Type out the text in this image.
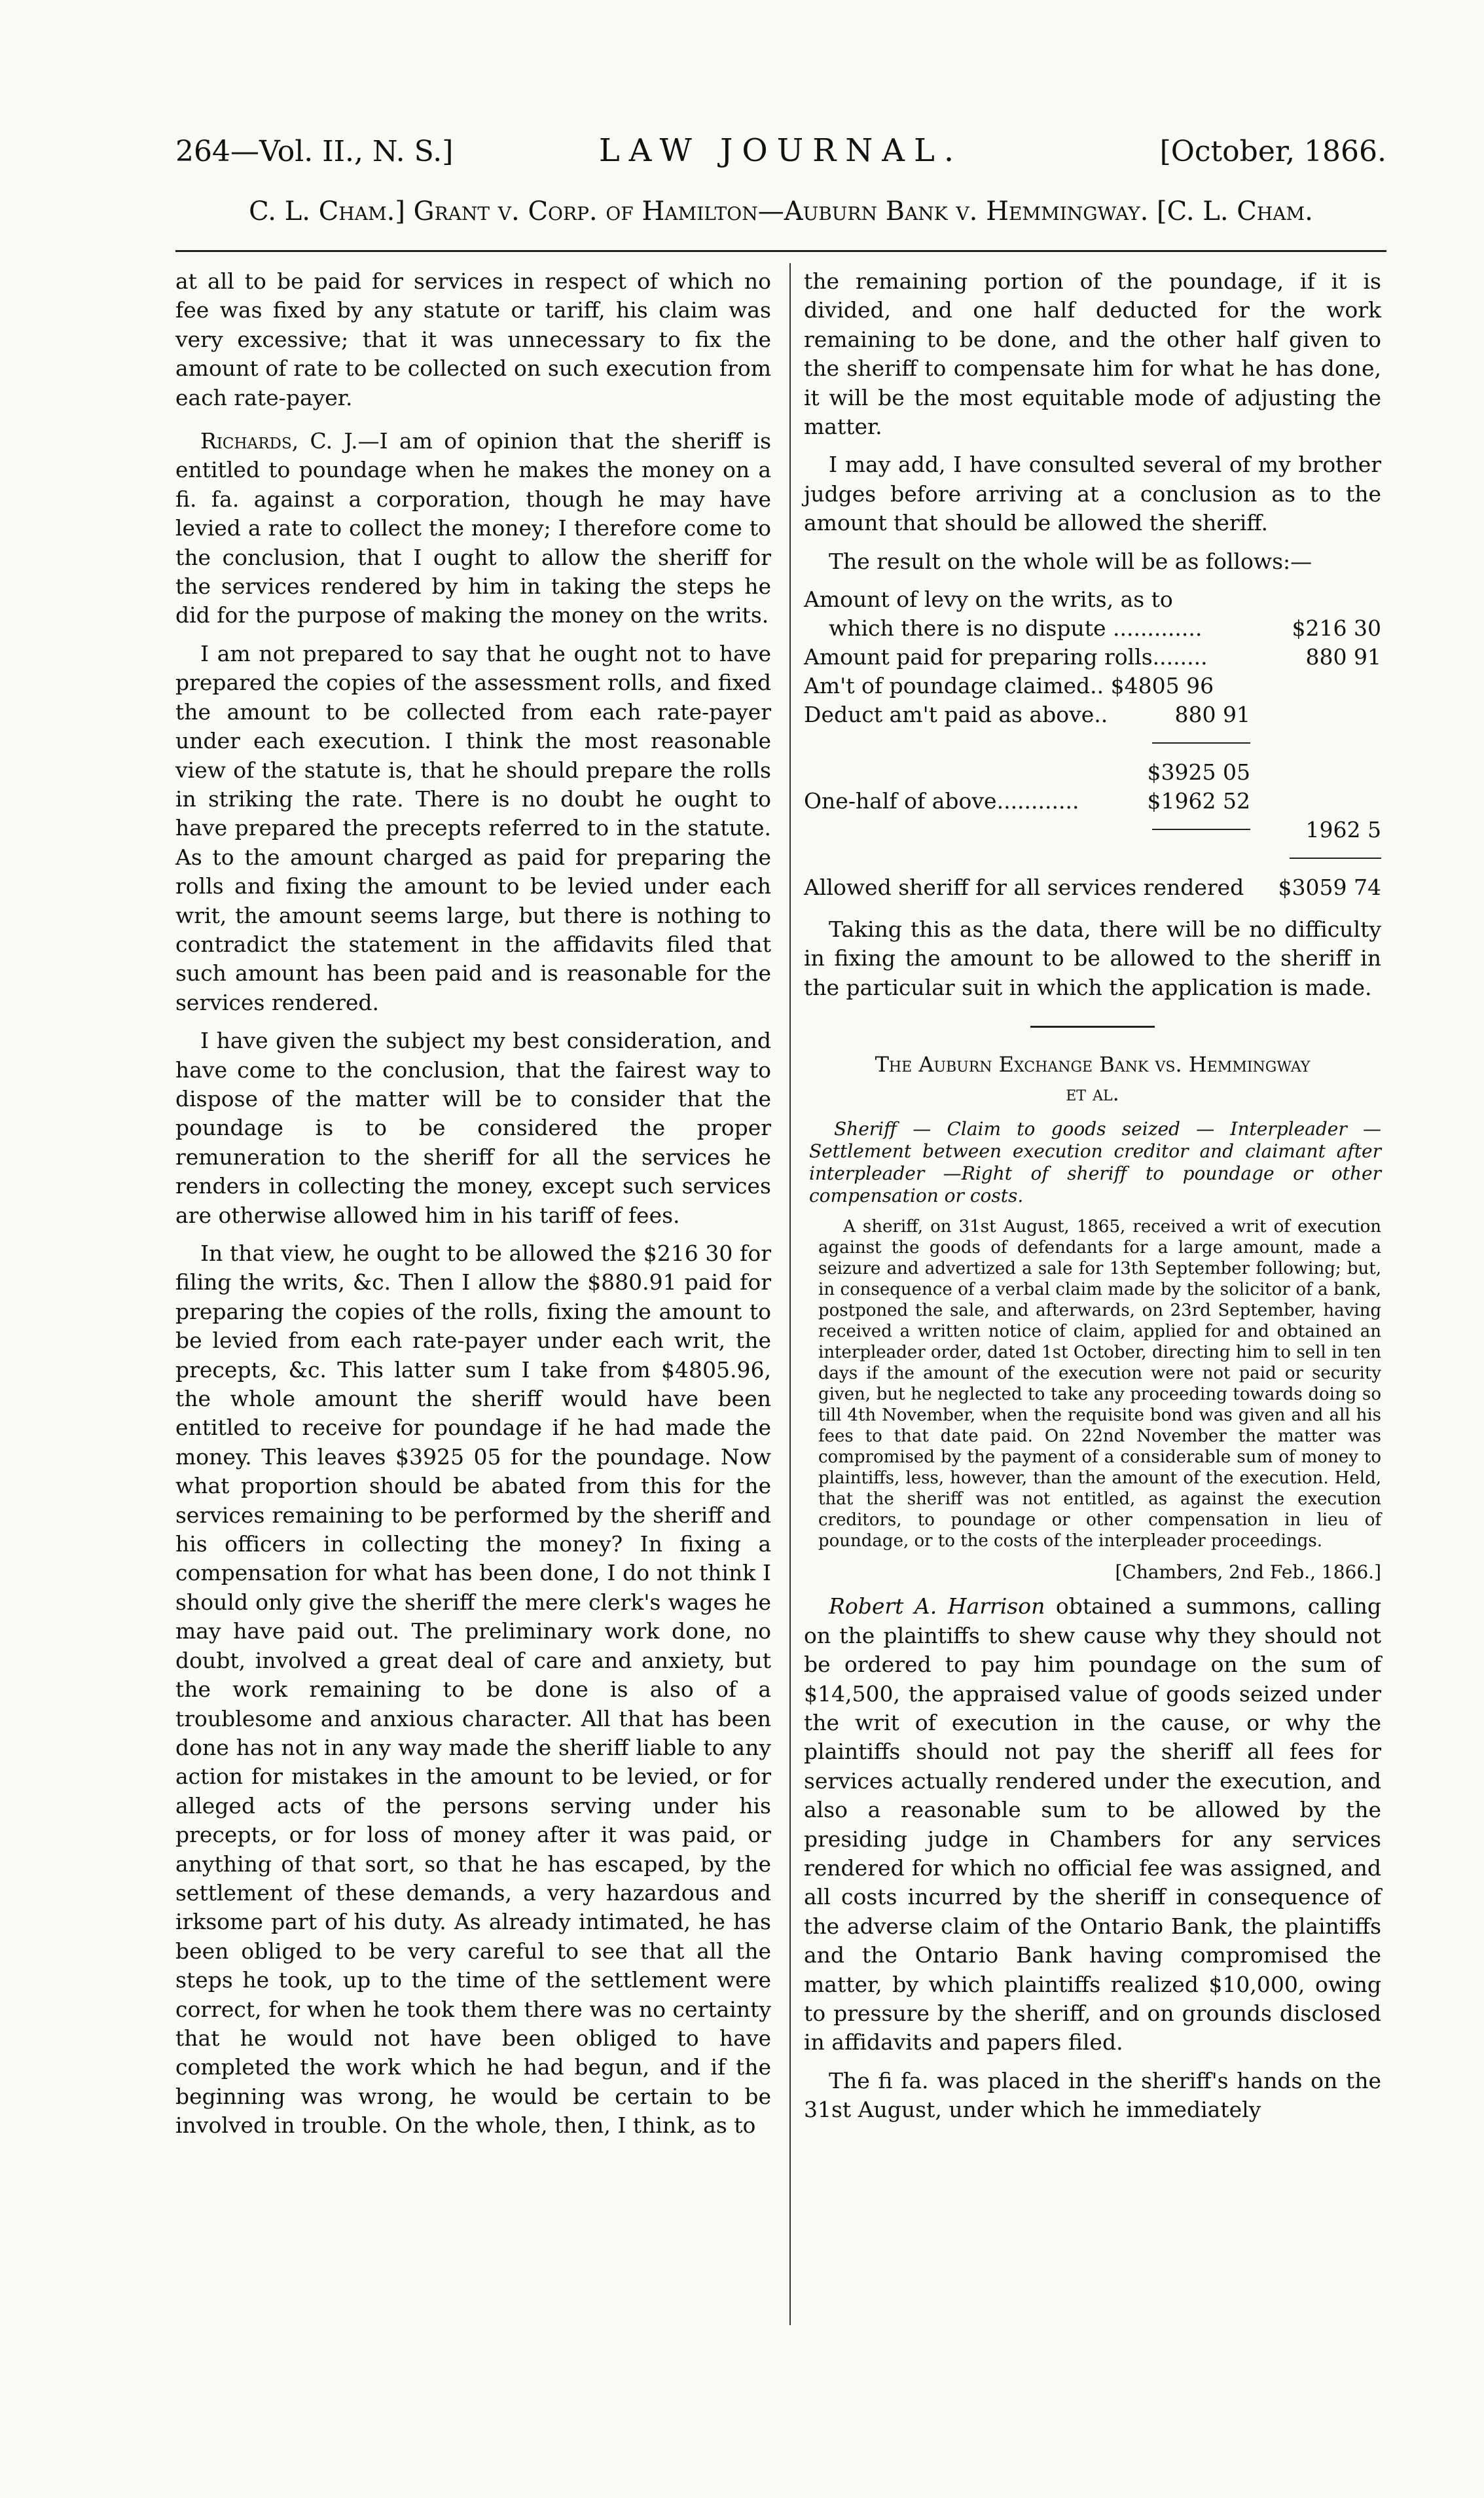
264—Vol. II., N. S.]	LAW JOURNAL.	[October, 1866.
C. L. Cham.] Grant v. Corp. of Hamilton—Auburn Bank v. Hemmingway. [C. L. Cham.

at all to be paid for services in respect of which no fee was fixed by any statute or tariff, his claim was very excessive; that it was unnecessary to fix the amount of rate to be collected on such execution from each rate-payer.

Richards, C. J.—I am of opinion that the sheriff is entitled to poundage when he makes the money on a fi. fa. against a corporation, though he may have levied a rate to collect the money; I therefore come to the conclusion, that I ought to allow the sheriff for the services rendered by him in taking the steps he did for the purpose of making the money on the writs.

I am not prepared to say that he ought not to have prepared the copies of the assessment rolls, and fixed the amount to be collected from each rate-payer under each execution. I think the most reasonable view of the statute is, that he should prepare the rolls in striking the rate. There is no doubt he ought to have prepared the precepts referred to in the statute. As to the amount charged as paid for preparing the rolls and fixing the amount to be levied under each writ, the amount seems large, but there is nothing to contradict the statement in the affidavits filed that such amount has been paid and is reasonable for the services rendered.

I have given the subject my best consideration, and have come to the conclusion, that the fairest way to dispose of the matter will be to consider that the poundage is to be considered the proper remuneration to the sheriff for all the services he renders in collecting the money, except such services are otherwise allowed him in his tariff of fees.

In that view, he ought to be allowed the $216 30 for filing the writs, &c. Then I allow the $880.91 paid for preparing the copies of the rolls, fixing the amount to be levied from each rate-payer under each writ, the precepts, &c. This latter sum I take from $4805.96, the whole amount the sheriff would have been entitled to receive for poundage if he had made the money. This leaves $3925 05 for the poundage. Now what proportion should be abated from this for the services remaining to be performed by the sheriff and his officers in collecting the money? In fixing a compensation for what has been done, I do not think I should only give the sheriff the mere clerk's wages he may have paid out. The preliminary work done, no doubt, involved a great deal of care and anxiety, but the work remaining to be done is also of a troublesome and anxious character. All that has been done has not in any way made the sheriff liable to any action for mistakes in the amount to be levied, or for alleged acts of the persons serving under his precepts, or for loss of money after it was paid, or anything of that sort, so that he has escaped, by the settlement of these demands, a very hazardous and irksome part of his duty. As already intimated, he has been obliged to be very careful to see that all the steps he took, up to the time of the settlement were correct, for when he took them there was no certainty that he would not have been obliged to have completed the work which he had begun, and if the beginning was wrong, he would be certain to be involved in trouble. On the whole, then, I think, as to

the remaining portion of the poundage, if it is divided, and one half deducted for the work remaining to be done, and the other half given to the sheriff to compensate him for what he has done, it will be the most equitable mode of adjusting the matter.

I may add, I have consulted several of my brother judges before arriving at a conclusion as to the amount that should be allowed the sheriff.

The result on the whole will be as follows:—

Amount of levy on the writs, as to
which there is no dispute .............	$216 30
Amount paid for preparing rolls........	880 91
Am't of poundage claimed.. $4805 96
Deduct am't paid as above..	880 91
$3925 05
One-half of above............	$1962 52
1962 5
Allowed sheriff for all services rendered $3059 74

Taking this as the data, there will be no difficulty in fixing the amount to be allowed to the sheriff in the particular suit in which the application is made.

The Auburn Exchange Bank vs. Hemmingway
et al.

Sheriff — Claim to goods seized — Interpleader — Settlement between execution creditor and claimant after interpleader —Right of sheriff to poundage or other compensation or costs.

A sheriff, on 31st August, 1865, received a writ of execution against the goods of defendants for a large amount, made a seizure and advertized a sale for 13th September following; but, in consequence of a verbal claim made by the solicitor of a bank, postponed the sale, and afterwards, on 23rd September, having received a written notice of claim, applied for and obtained an interpleader order, dated 1st October, directing him to sell in ten days if the amount of the execution were not paid or security given, but he neglected to take any proceeding towards doing so till 4th November, when the requisite bond was given and all his fees to that date paid. On 22nd November the matter was compromised by the payment of a considerable sum of money to plaintiffs, less, however, than the amount of the execution. Held, that the sheriff was not entitled, as against the execution creditors, to poundage or other compensation in lieu of poundage, or to the costs of the interpleader proceedings.

[Chambers, 2nd Feb., 1866.]

Robert A. Harrison obtained a summons, calling on the plaintiffs to shew cause why they should not be ordered to pay him poundage on the sum of $14,500, the appraised value of goods seized under the writ of execution in the cause, or why the plaintiffs should not pay the sheriff all fees for services actually rendered under the execution, and also a reasonable sum to be allowed by the presiding judge in Chambers for any services rendered for which no official fee was assigned, and all costs incurred by the sheriff in consequence of the adverse claim of the Ontario Bank, the plaintiffs and the Ontario Bank having compromised the matter, by which plaintiffs realized $10,000, owing to pressure by the sheriff, and on grounds disclosed in affidavits and papers filed.

The fi fa. was placed in the sheriff's hands on the 31st August, under which he immediately
